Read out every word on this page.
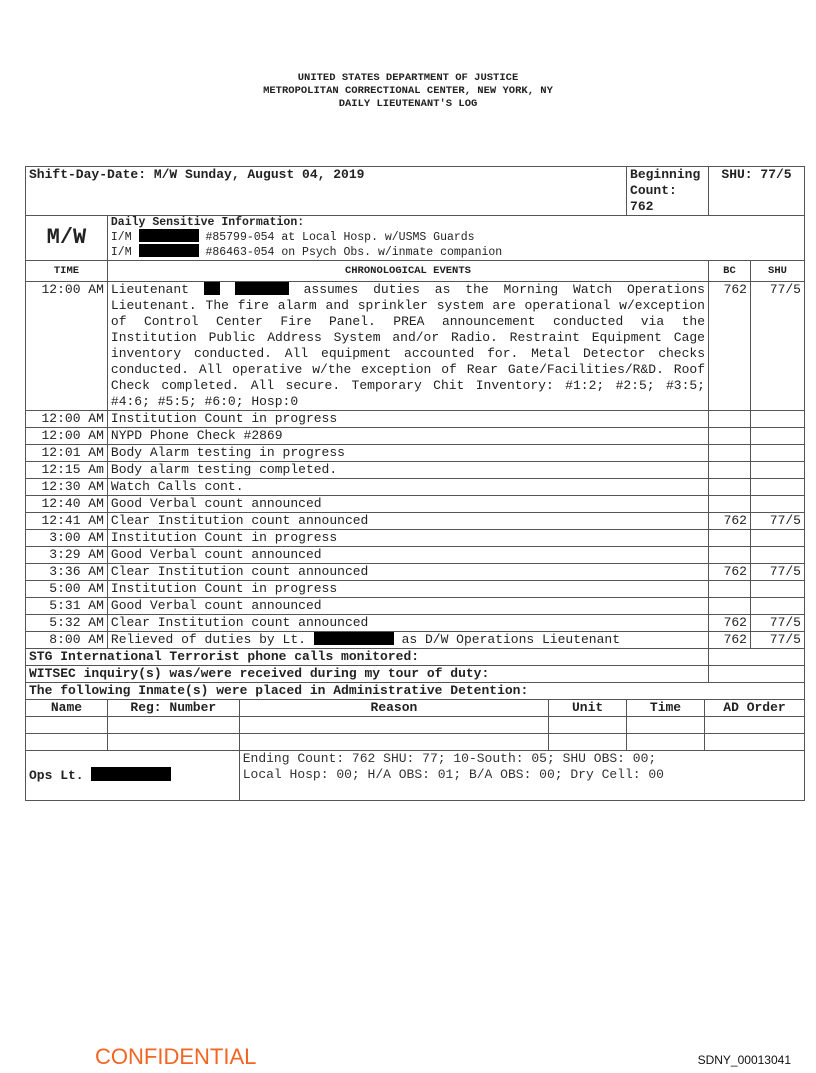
UNITED STATES DEPARTMENT OF JUSTICE
METROPOLITAN CORRECTIONAL CENTER, NEW YORK, NY
DAILY LIEUTENANT'S LOG
Shift-Day-Date: M/W Sunday, August 04, 2019				Beginning Count: 762		SHU: 77/5	
M/W	Daily Sensitive Information:
I/M #85799-054 at Local Hosp. w/USMS Guards
I/M #86463-054 on Psych Obs. w/inmate companion						

TIME	CHRONOLOGICAL EVENTS					BC	SHU
12:00 AM	Lieutenant assumes duties as the Morning Watch Operations Lieutenant. The fire alarm and sprinkler system are operational w/exception of Control Center Fire Panel. PREA announcement conducted via the Institution Public Address System and/or Radio. Restraint Equipment Cage inventory conducted. All equipment accounted for. Metal Detector checks conducted. All operative w/the exception of Rear Gate/Facilities/R&D. Roof Check completed. All secure. Temporary Chit Inventory: #1:2; #2:5; #3:5; #4:6; #5:5; #6:0; Hosp:0					762	77/5
12:00 AM	Institution Count in progress						
12:00 AM	NYPD Phone Check #2869						
12:01 AM	Body Alarm testing in progress						
12:15 Am	Body alarm testing completed.						
12:30 AM	Watch Calls cont.						
12:40 AM	Good Verbal count announced						
12:41 AM	Clear Institution count announced					762	77/5
3:00 AM	Institution Count in progress						
3:29 AM	Good Verbal count announced						
3:36 AM	Clear Institution count announced					762	77/5
5:00 AM	Institution Count in progress						
5:31 AM	Good Verbal count announced						
5:32 AM	Clear Institution count announced					762	77/5
8:00 AM	Relieved of duties by Lt. as D/W Operations Lieutenant					762	77/5
STG International Terrorist phone calls monitored:							
WITSEC inquiry(s) was/were received during my tour of duty:							
The following Inmate(s) were placed in Administrative Detention:							
Name	Reg: Number	Reason	Unit	Time	AD Order		

Ops Lt.		Ending Count: 762 SHU: 77; 10-South: 05; SHU OBS: 00;
Local Hosp: 00; H/A OBS: 01; B/A OBS: 00; Dry Cell: 00					
CONFIDENTIAL	SDNY_00013041
